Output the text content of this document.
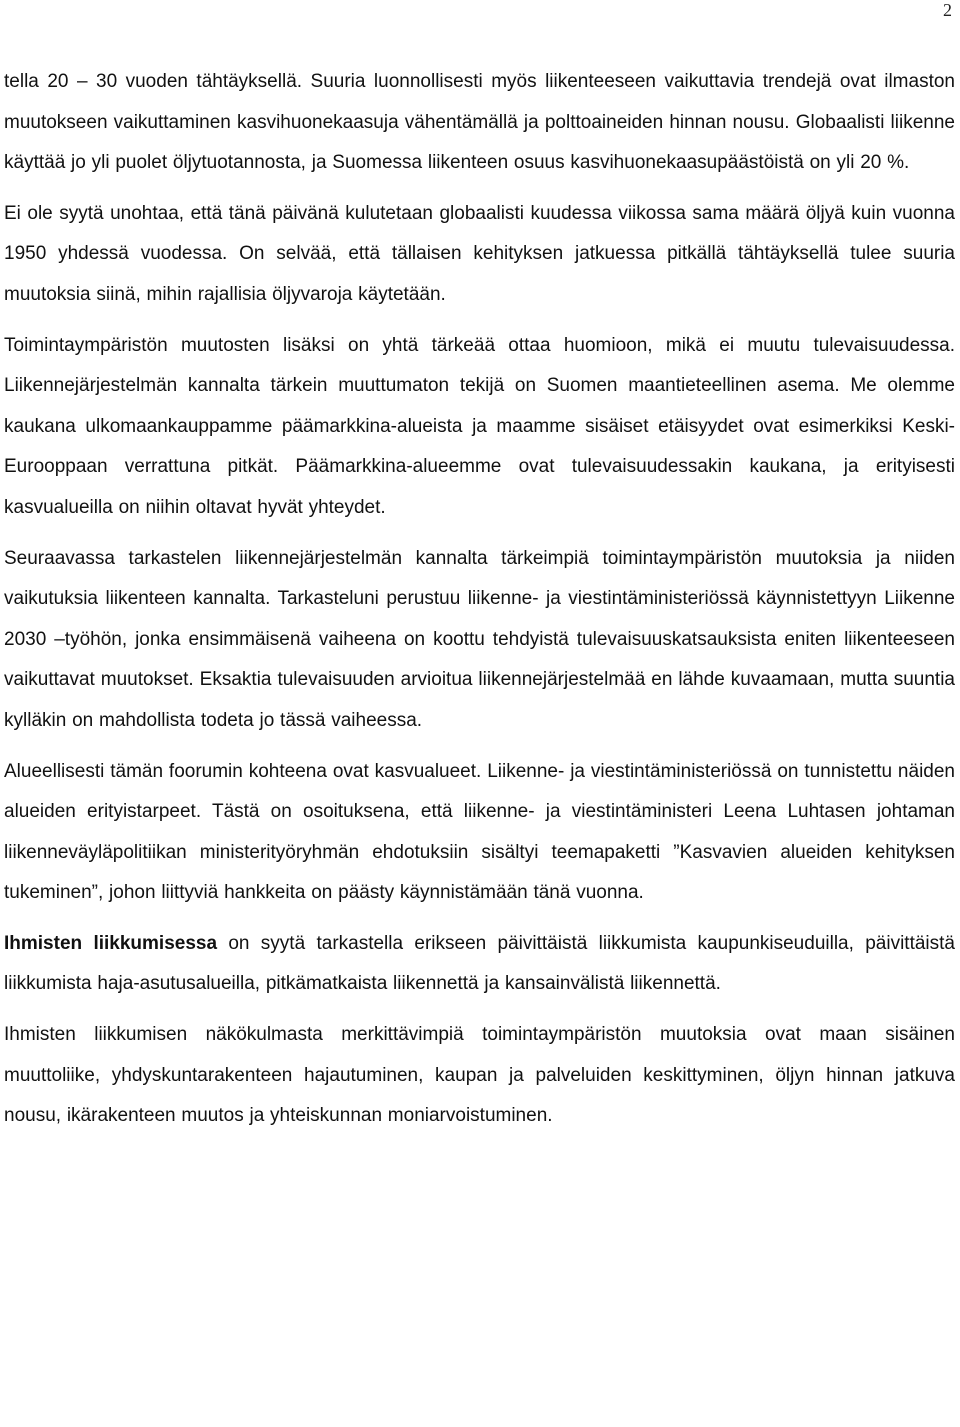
2

tella 20 – 30 vuoden tähtäyksellä. Suuria luonnollisesti myös liikenteeseen vaikuttavia trendejä ovat ilmaston muutokseen vaikuttaminen kasvihuonekaasuja vähentämällä ja polttoaineiden hinnan nousu. Globaalisti liikenne käyttää jo yli puolet öljytuotannosta, ja Suomessa liikenteen osuus kasvihuonekaasupäästöistä on yli 20 %.

Ei ole syytä unohtaa, että tänä päivänä kulutetaan globaalisti kuudessa viikossa sama määrä öljyä kuin vuonna 1950 yhdessä vuodessa. On selvää, että tällaisen kehityksen jatkuessa pitkällä tähtäyksellä tulee suuria muutoksia siinä, mihin rajallisia öljyvaroja käytetään.

Toimintaympäristön muutosten lisäksi on yhtä tärkeää ottaa huomioon, mikä ei muutu tulevaisuudessa. Liikennejärjestelmän kannalta tärkein muuttumaton tekijä on Suomen maantieteellinen asema. Me olemme kaukana ulkomaankauppamme päämarkkina-alueista ja maamme sisäiset etäisyydet ovat esimerkiksi Keski-Eurooppaan verrattuna pitkät. Päämarkkina-alueemme ovat tulevaisuudessakin kaukana, ja erityisesti kasvualueilla on niihin oltavat hyvät yhteydet.

Seuraavassa tarkastelen liikennejärjestelmän kannalta tärkeimpiä toimintaympäristön muutoksia ja niiden vaikutuksia liikenteen kannalta. Tarkasteluni perustuu liikenne- ja viestintäministeriössä käynnistettyyn Liikenne 2030 –työhön, jonka ensimmäisenä vaiheena on koottu tehdyistä tulevaisuuskatsauksista eniten liikenteeseen vaikuttavat muutokset. Eksaktia tulevaisuuden arvioitua liikennejärjestelmää en lähde kuvaamaan, mutta suuntia kylläkin on mahdollista todeta jo tässä vaiheessa.

Alueellisesti tämän foorumin kohteena ovat kasvualueet. Liikenne- ja viestintäministeriössä on tunnistettu näiden alueiden erityistarpeet. Tästä on osoituksena, että liikenne- ja viestintäministeri Leena Luhtasen johtaman liikenneväyläpolitiikan ministerityöryhmän ehdotuksiin sisältyi teemapaketti ”Kasvavien alueiden kehityksen tukeminen”, johon liittyviä hankkeita on päästy käynnistämään tänä vuonna.

Ihmisten liikkumisessa on syytä tarkastella erikseen päivittäistä liikkumista kaupunkiseuduilla, päivittäistä liikkumista haja-asutusalueilla, pitkämatkaista liikennettä ja kansainvälistä liikennettä.

Ihmisten liikkumisen näkökulmasta merkittävimpiä toimintaympäristön muutoksia ovat maan sisäinen muuttoliike, yhdyskuntarakenteen hajautuminen, kaupan ja palveluiden keskittyminen, öljyn hinnan jatkuva nousu, ikärakenteen muutos ja yhteiskunnan moniarvoistuminen.
